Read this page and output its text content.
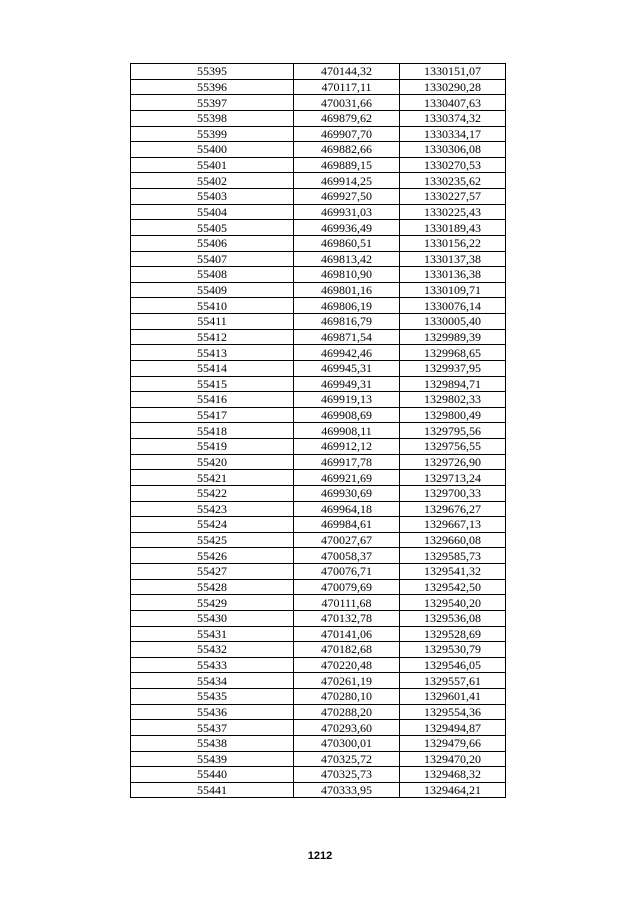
55395	470144,32	1330151,07
55396	470117,11	1330290,28
55397	470031,66	1330407,63
55398	469879,62	1330374,32
55399	469907,70	1330334,17
55400	469882,66	1330306,08
55401	469889,15	1330270,53
55402	469914,25	1330235,62
55403	469927,50	1330227,57
55404	469931,03	1330225,43
55405	469936,49	1330189,43
55406	469860,51	1330156,22
55407	469813,42	1330137,38
55408	469810,90	1330136,38
55409	469801,16	1330109,71
55410	469806,19	1330076,14
55411	469816,79	1330005,40
55412	469871,54	1329989,39
55413	469942,46	1329968,65
55414	469945,31	1329937,95
55415	469949,31	1329894,71
55416	469919,13	1329802,33
55417	469908,69	1329800,49
55418	469908,11	1329795,56
55419	469912,12	1329756,55
55420	469917,78	1329726,90
55421	469921,69	1329713,24
55422	469930,69	1329700,33
55423	469964,18	1329676,27
55424	469984,61	1329667,13
55425	470027,67	1329660,08
55426	470058,37	1329585,73
55427	470076,71	1329541,32
55428	470079,69	1329542,50
55429	470111,68	1329540,20
55430	470132,78	1329536,08
55431	470141,06	1329528,69
55432	470182,68	1329530,79
55433	470220,48	1329546,05
55434	470261,19	1329557,61
55435	470280,10	1329601,41
55436	470288,20	1329554,36
55437	470293,60	1329494,87
55438	470300,01	1329479,66
55439	470325,72	1329470,20
55440	470325,73	1329468,32
55441	470333,95	1329464,21
1212
